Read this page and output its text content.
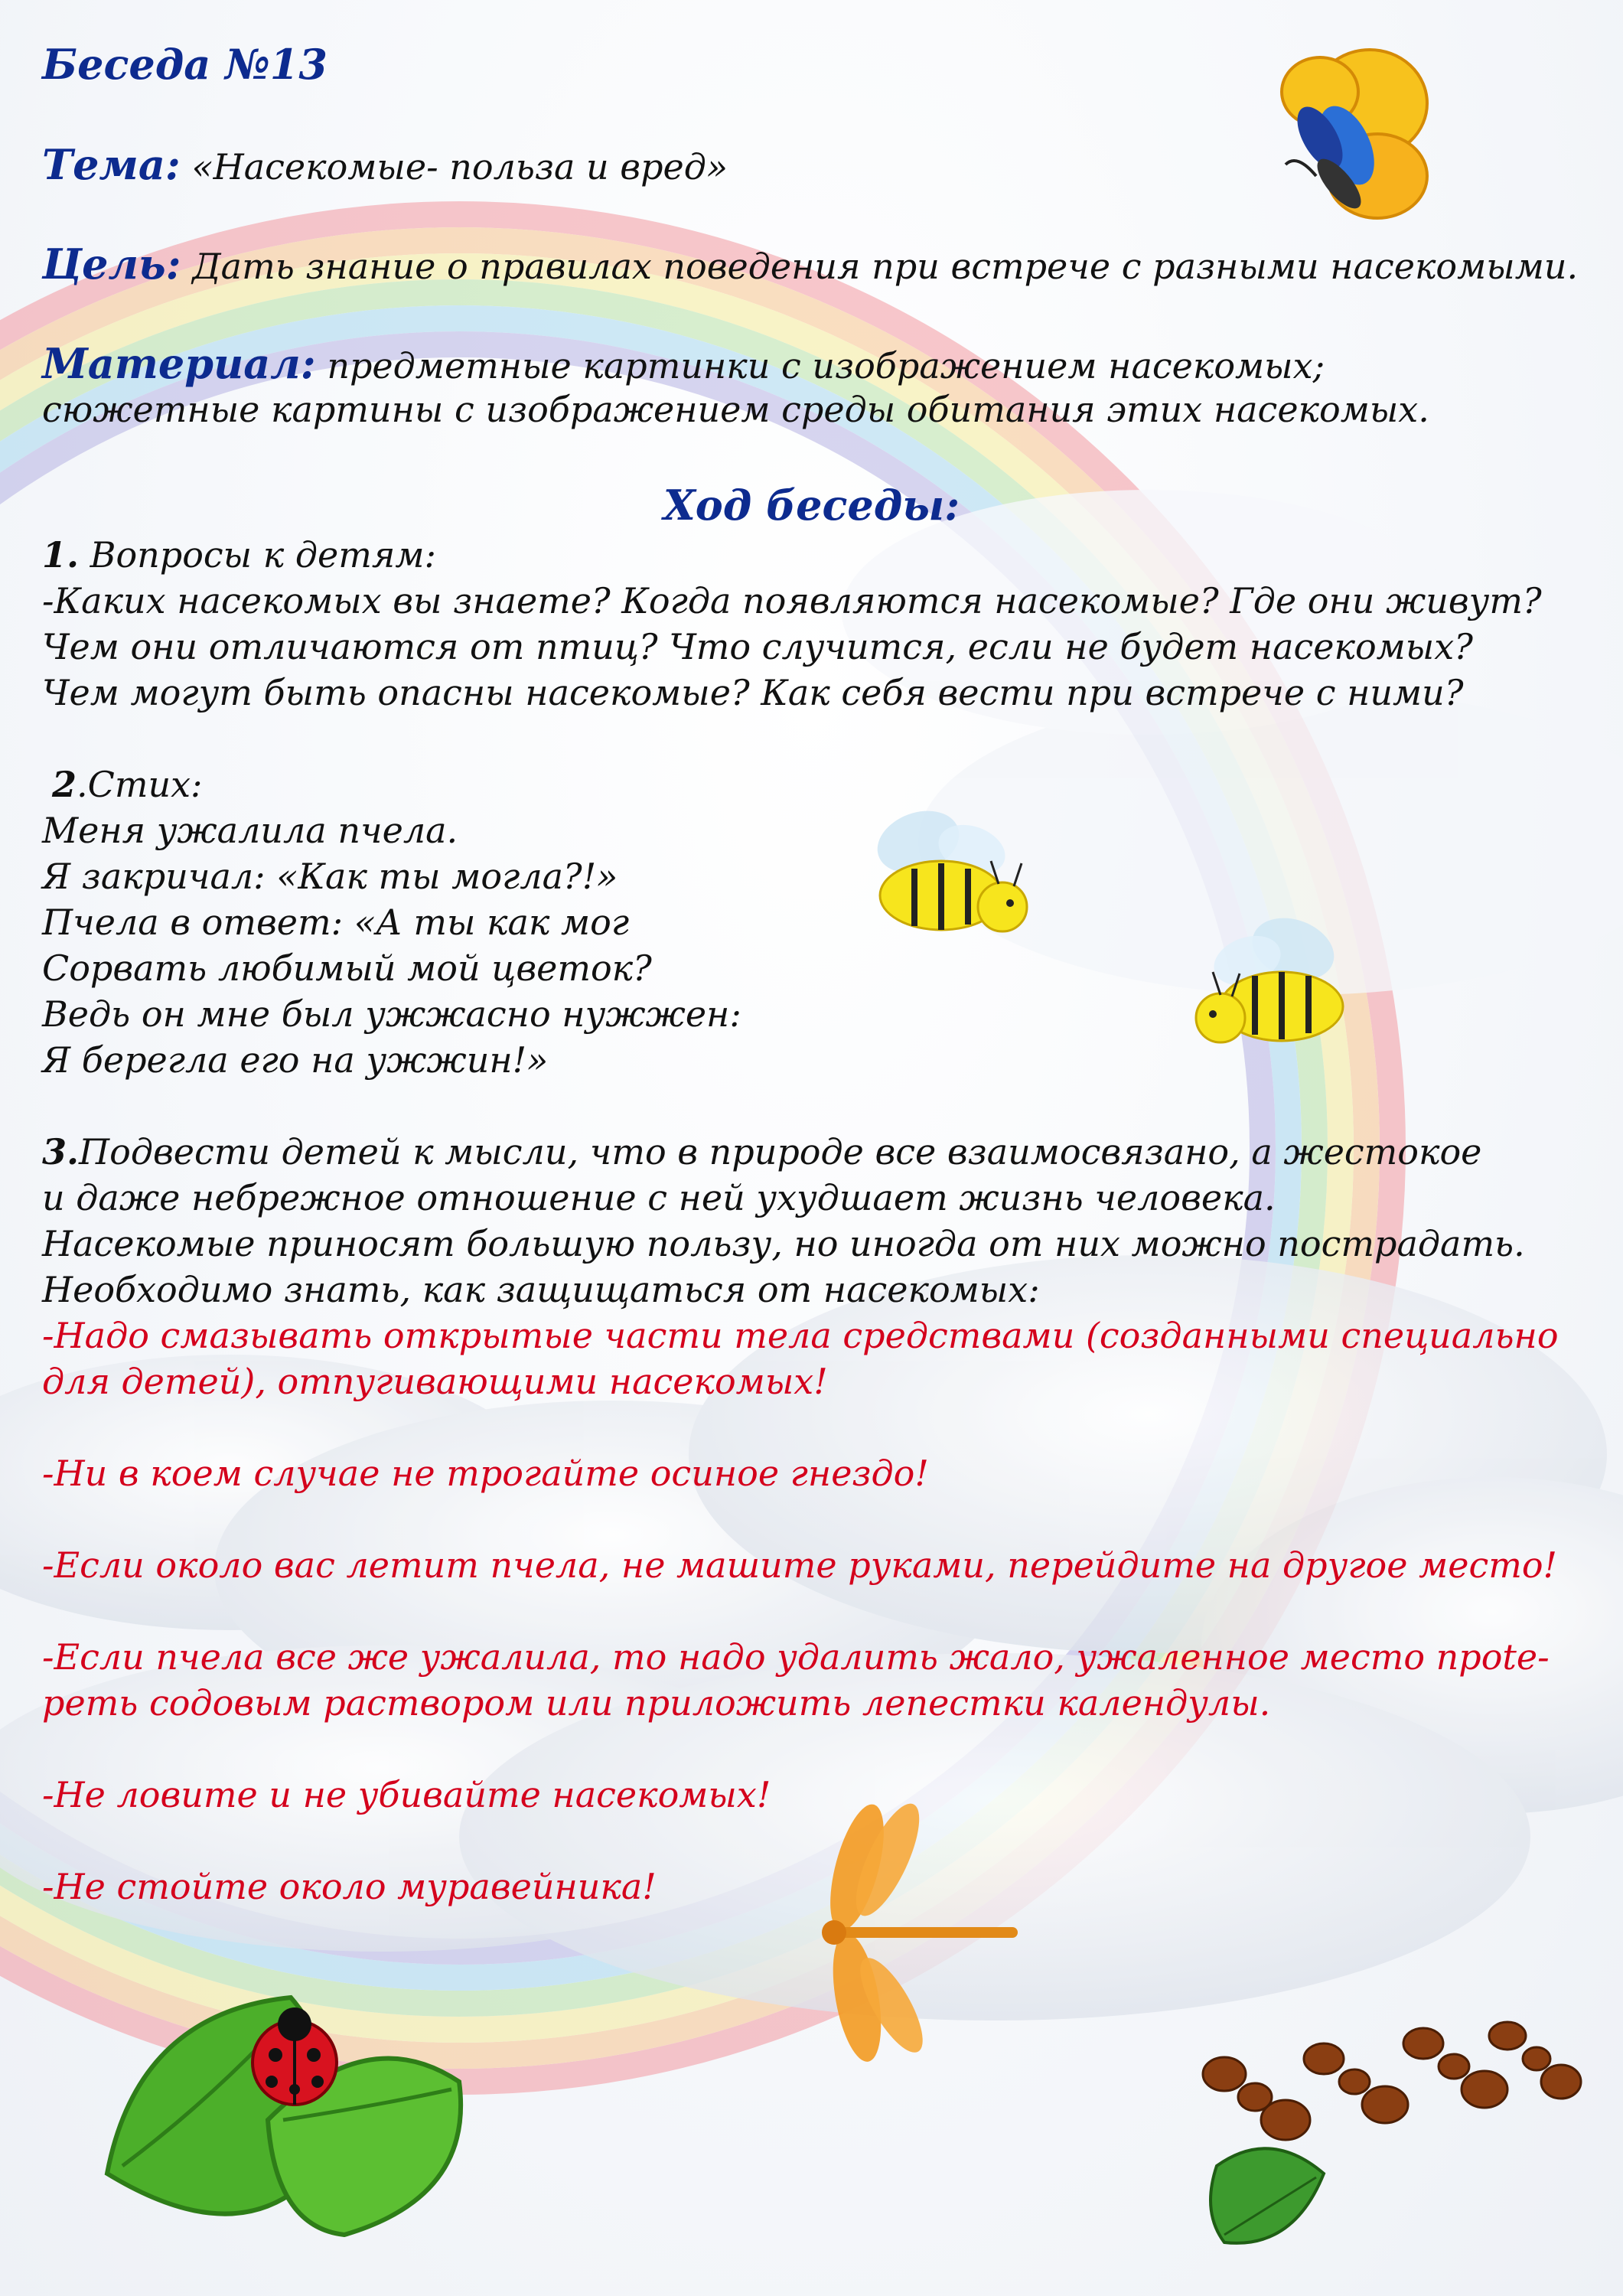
Беседа №13
Тема: «Насекомые- польза и вред»
Цель: Дать знание о правилах поведения при встрече с разными насекомыми.
Материал: предметные картинки с изображением насекомых;
сюжетные картины с изображением среды обитания этих насекомых.
Ход беседы:
1. Вопросы к детям:
-Каких насекомых вы знаете? Когда появляются насекомые? Где они живут?
Чем они отличаются от птиц? Что случится, если не будет насекомых?
Чем могут быть опасны насекомые? Как себя вести при встрече с ними?
2.Стих:
Меня ужалила пчела.
Я закричал: «Как ты могла?!»
Пчела в ответ: «А ты как мог
Сорвать любимый мой цветок?
Ведь он мне был ужжасно нужжен:
Я берегла его на ужжин!»
3.Подвести детей к мысли, что в природе все взаимосвязано, а жестокое
и даже небрежное отношение с ней ухудшает жизнь человека.
Насекомые приносят большую пользу, но иногда от них можно пострадать.
Необходимо знать, как защищаться от насекомых:
-Надо смазывать открытые части тела средствами (созданными специально
для детей), отпугивающими насекомых!
-Ни в коем случае не трогайте осиное гнездо!
-Если около вас летит пчела, не машите руками, перейдите на другое место!
-Если пчела все же ужалила, то надо удалить жало, ужаленное место прote-
реть содовым раствором или приложить лепестки календулы.
-Не ловите и не убивайте насекомых!
-Не стойте около муравейника!
